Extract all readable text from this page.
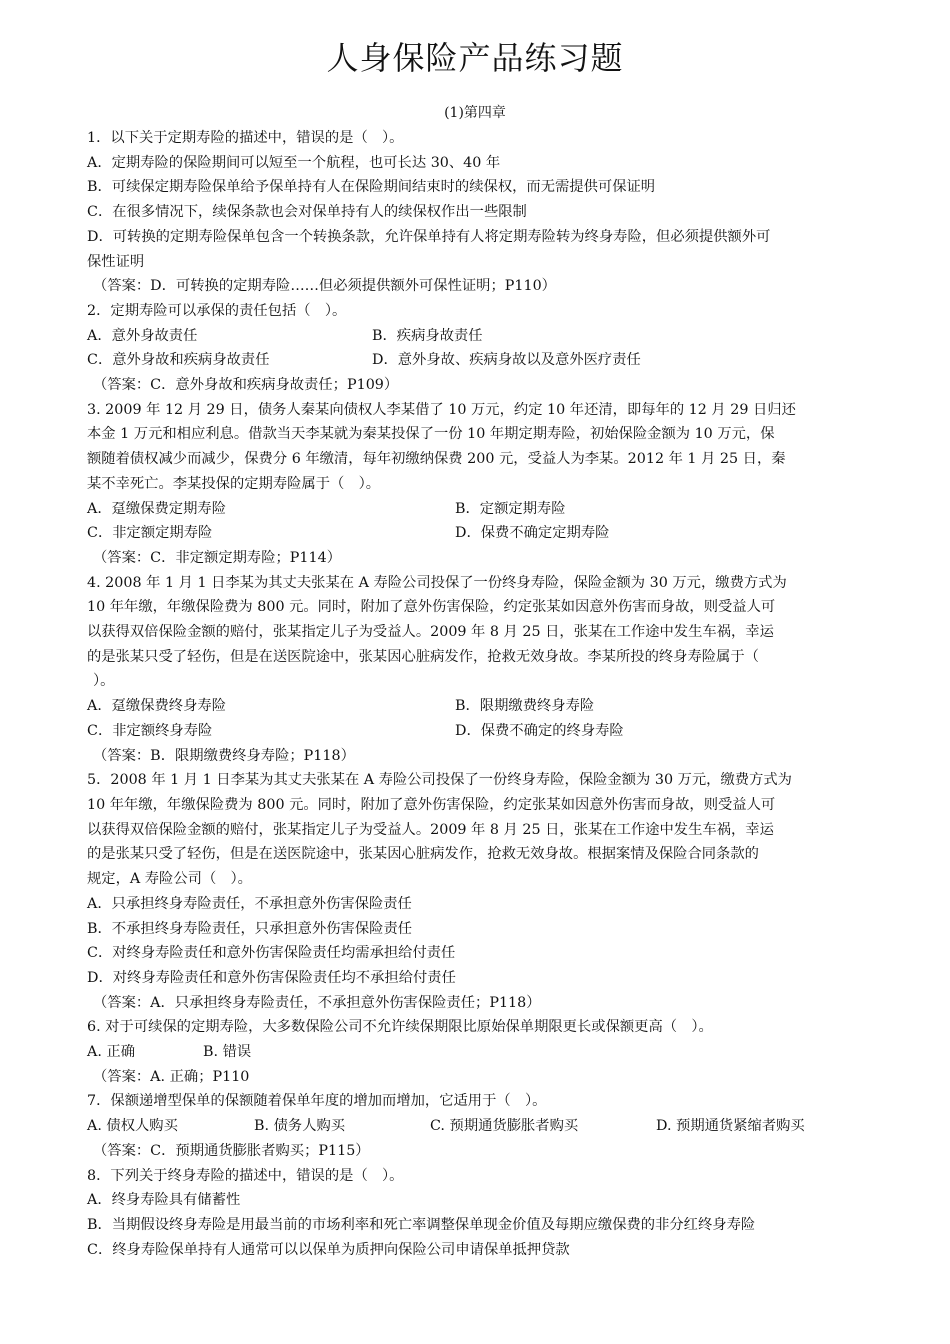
人身保险产品练习题
(1)第四章
1．以下关于定期寿险的描述中，错误的是（　）。
A．定期寿险的保险期间可以短至一个航程，也可长达 30、40 年
B．可续保定期寿险保单给予保单持有人在保险期间结束时的续保权，而无需提供可保证明
C．在很多情况下，续保条款也会对保单持有人的续保权作出一些限制
D．可转换的定期寿险保单包含一个转换条款，允许保单持有人将定期寿险转为终身寿险，但必须提供额外可
保性证明
（答案：D．可转换的定期寿险……但必须提供额外可保性证明；P110）
2．定期寿险可以承保的责任包括（　）。
A．意外身故责任	B．疾病身故责任
C．意外身故和疾病身故责任	D．意外身故、疾病身故以及意外医疗责任
（答案：C．意外身故和疾病身故责任；P109）
3. 2009 年 12 月 29 日，债务人秦某向债权人李某借了 10 万元，约定 10 年还清，即每年的 12 月 29 日归还
本金 1 万元和相应利息。借款当天李某就为秦某投保了一份 10 年期定期寿险，初始保险金额为 10 万元，保
额随着债权减少而减少，保费分 6 年缴清，每年初缴纳保费 200 元，受益人为李某。2012 年 1 月 25 日，秦
某不幸死亡。李某投保的定期寿险属于（　）。
A．趸缴保费定期寿险	B．定额定期寿险
C．非定额定期寿险	D．保费不确定定期寿险
（答案：C．非定额定期寿险；P114）
4. 2008 年 1 月 1 日李某为其丈夫张某在 A 寿险公司投保了一份终身寿险，保险金额为 30 万元，缴费方式为
10 年年缴，年缴保险费为 800 元。同时，附加了意外伤害保险，约定张某如因意外伤害而身故，则受益人可
以获得双倍保险金额的赔付，张某指定儿子为受益人。2009 年 8 月 25 日，张某在工作途中发生车祸，幸运
的是张某只受了轻伤，但是在送医院途中，张某因心脏病发作，抢救无效身故。李某所投的终身寿险属于（
）。
A．趸缴保费终身寿险	B．限期缴费终身寿险
C．非定额终身寿险	D．保费不确定的终身寿险
（答案：B．限期缴费终身寿险；P118）
5．2008 年 1 月 1 日李某为其丈夫张某在 A 寿险公司投保了一份终身寿险，保险金额为 30 万元，缴费方式为
10 年年缴，年缴保险费为 800 元。同时，附加了意外伤害保险，约定张某如因意外伤害而身故，则受益人可
以获得双倍保险金额的赔付，张某指定儿子为受益人。2009 年 8 月 25 日，张某在工作途中发生车祸，幸运
的是张某只受了轻伤，但是在送医院途中，张某因心脏病发作，抢救无效身故。根据案情及保险合同条款的
规定，A 寿险公司（　）。
A．只承担终身寿险责任，不承担意外伤害保险责任
B．不承担终身寿险责任，只承担意外伤害保险责任
C．对终身寿险责任和意外伤害保险责任均需承担给付责任
D．对终身寿险责任和意外伤害保险责任均不承担给付责任
（答案：A．只承担终身寿险责任，不承担意外伤害保险责任；P118）
6. 对于可续保的定期寿险，大多数保险公司不允许续保期限比原始保单期限更长或保额更高（　）。
A. 正确	B. 错误
（答案：A. 正确；P110
7．保额递增型保单的保额随着保单年度的增加而增加，它适用于（　）。
A. 债权人购买	B. 债务人购买	C. 预期通货膨胀者购买	D. 预期通货紧缩者购买
（答案：C．预期通货膨胀者购买；P115）
8．下列关于终身寿险的描述中，错误的是（　）。
A．终身寿险具有储蓄性
B．当期假设终身寿险是用最当前的市场利率和死亡率调整保单现金价值及每期应缴保费的非分红终身寿险
C．终身寿险保单持有人通常可以以保单为质押向保险公司申请保单抵押贷款
